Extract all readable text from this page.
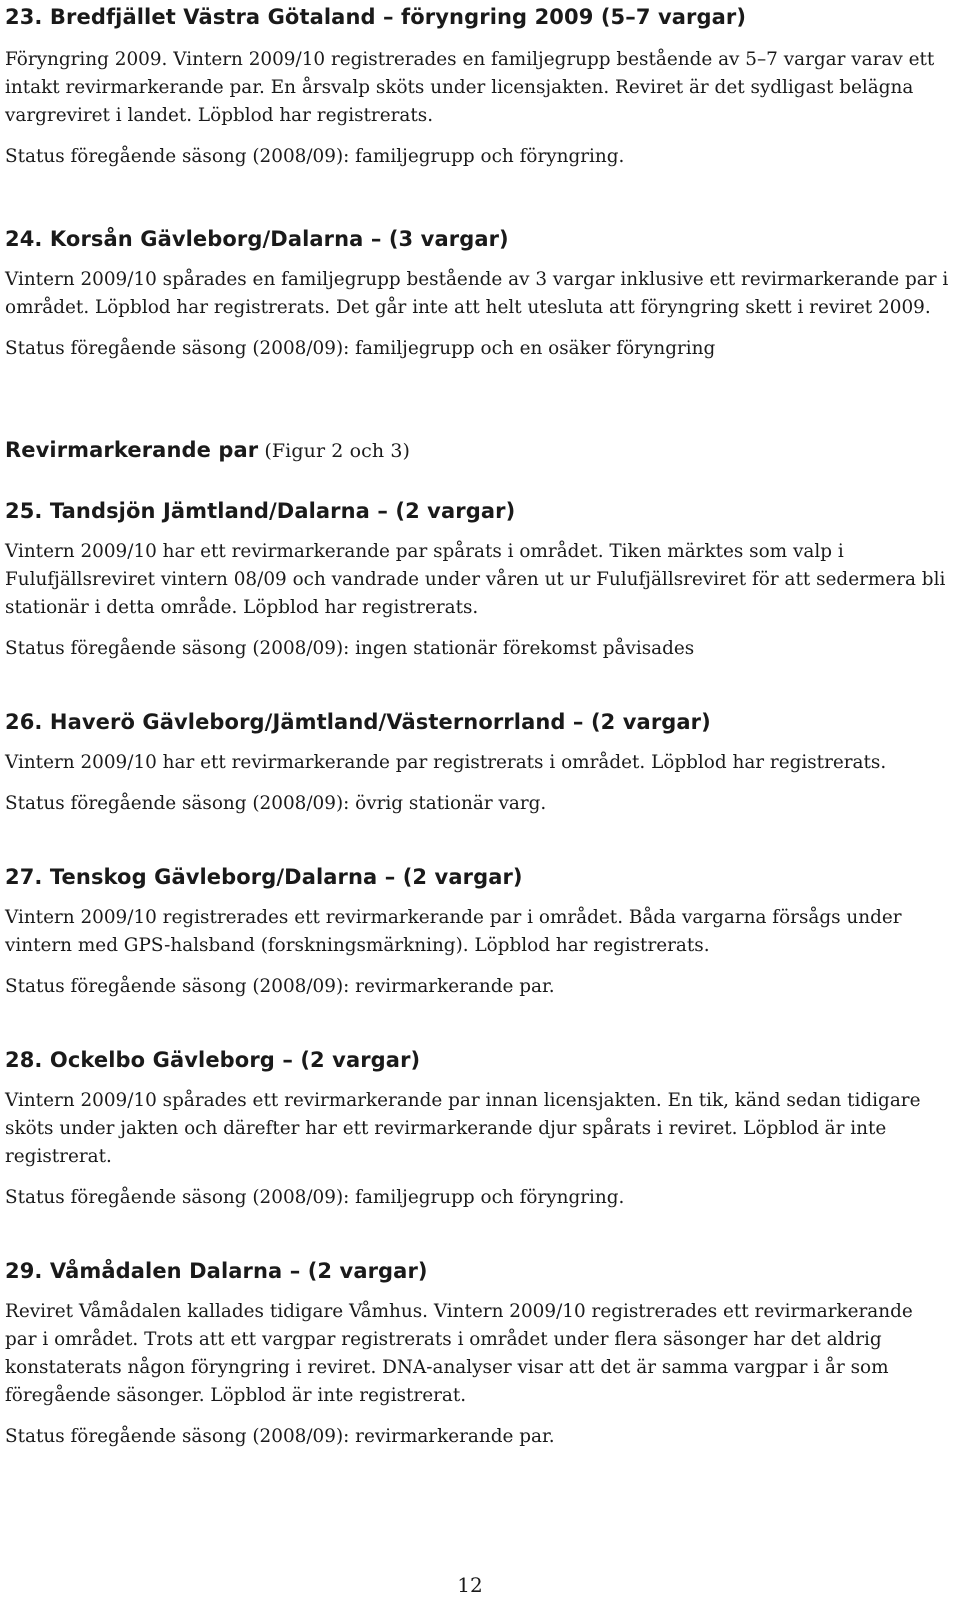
23. Bredfjället Västra Götaland – föryngring 2009 (5–7 vargar)

Föryngring 2009. Vintern 2009/10 registrerades en familjegrupp bestående av 5–7 vargar varav ett intakt revirmarkerande par. En årsvalp sköts under licensjakten. Reviret är det sydligast belägna vargreviret i landet. Löpblod har registrerats.

Status föregående säsong (2008/09): familjegrupp och föryngring.

24. Korsån Gävleborg/Dalarna – (3 vargar)

Vintern 2009/10 spårades en familjegrupp bestående av 3 vargar inklusive ett revirmarkerande par i området. Löpblod har registrerats. Det går inte att helt utesluta att föryngring skett i reviret 2009.

Status föregående säsong (2008/09): familjegrupp och en osäker föryngring

Revirmarkerande par (Figur 2 och 3)
25. Tandsjön Jämtland/Dalarna – (2 vargar)

Vintern 2009/10 har ett revirmarkerande par spårats i området. Tiken märktes som valp i Fulufjällsreviret vintern 08/09 och vandrade under våren ut ur Fulufjällsreviret för att sedermera bli stationär i detta område. Löpblod har registrerats.

Status föregående säsong (2008/09): ingen stationär förekomst påvisades

26. Haverö Gävleborg/Jämtland/Västernorrland – (2 vargar)

Vintern 2009/10 har ett revirmarkerande par registrerats i området. Löpblod har registrerats.

Status föregående säsong (2008/09): övrig stationär varg.

27. Tenskog Gävleborg/Dalarna – (2 vargar)

Vintern 2009/10 registrerades ett revirmarkerande par i området. Båda vargarna försågs under vintern med GPS-halsband (forskningsmärkning). Löpblod har registrerats.

Status föregående säsong (2008/09): revirmarkerande par.

28. Ockelbo Gävleborg – (2 vargar)

Vintern 2009/10 spårades ett revirmarkerande par innan licensjakten. En tik, känd sedan tidigare sköts under jakten och därefter har ett revirmarkerande djur spårats i reviret. Löpblod är inte registrerat.

Status föregående säsong (2008/09): familjegrupp och föryngring.

29. Våmådalen Dalarna – (2 vargar)

Reviret Våmådalen kallades tidigare Våmhus. Vintern 2009/10 registrerades ett revirmarkerande par i området. Trots att ett vargpar registrerats i området under flera säsonger har det aldrig konstaterats någon föryngring i reviret. DNA-analyser visar att det är samma vargpar i år som föregående säsonger. Löpblod är inte registrerat.

Status föregående säsong (2008/09): revirmarkerande par.

12
